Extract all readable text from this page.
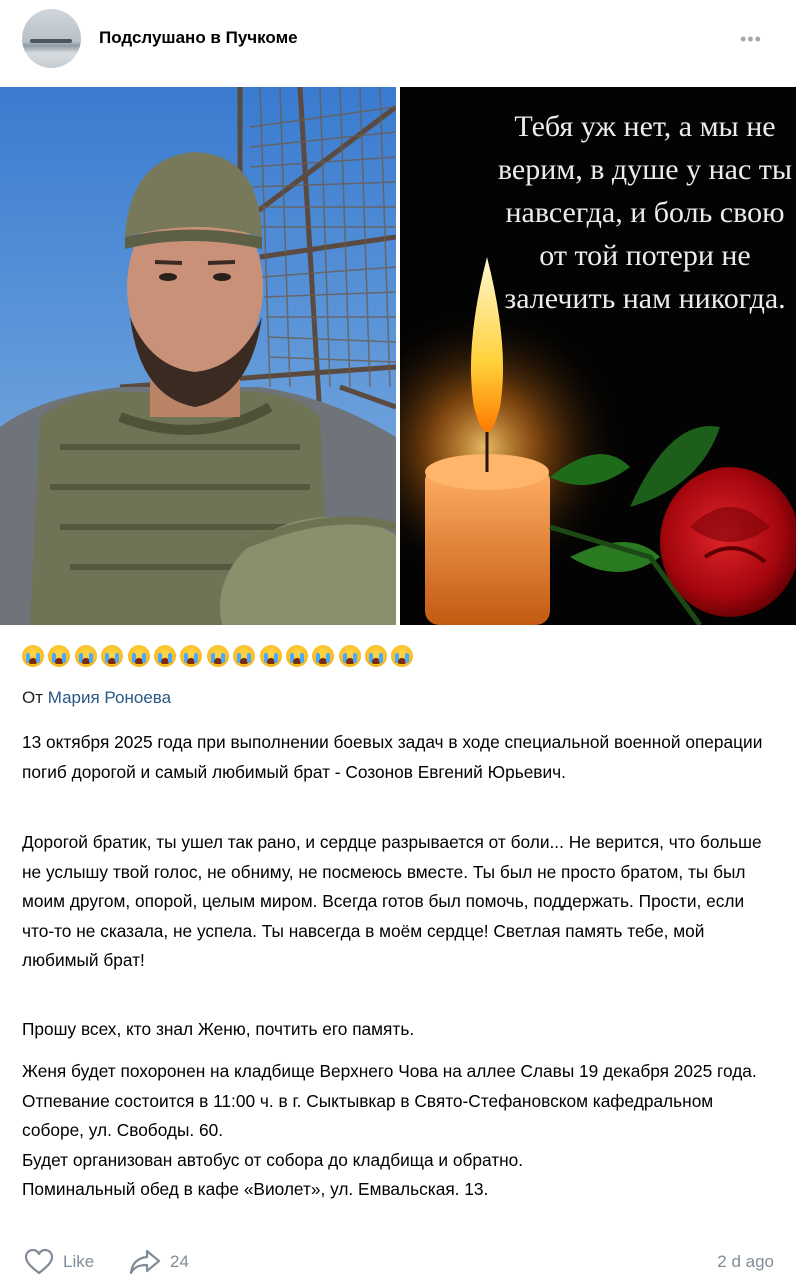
Подслушано в Пучкоме	•••

Тебя уж нет, а мы не верим, в душе у нас ты навсегда, и боль свою от той потери не залечить нам никогда.

От Мария Роноева

13 октября 2025 года при выполнении боевых задач в ходе специальной военной операции погиб дорогой и самый любимый брат - Созонов Евгений Юрьевич.

Дорогой братик, ты ушел так рано, и сердце разрывается от боли... Не верится, что больше не услышу твой голос, не обниму, не посмеюсь вместе. Ты был не просто братом, ты был моим другом, опорой, целым миром. Всегда готов был помочь, поддержать. Прости, если что-то не сказала, не успела. Ты навсегда в моём сердце! Светлая память тебе, мой любимый брат!

Прошу всех, кто знал Женю, почтить его память.

Женя будет похоронен на кладбище Верхнего Чова на аллее Славы 19 декабря 2025 года.
Отпевание состоится в 11:00 ч. в г. Сыктывкар в Свято-Стефановском кафедральном соборе, ул. Свободы. 60.
Будет организован автобус от собора до кладбища и обратно.
Поминальный обед в кафе «Виолет», ул. Емвальская. 13.
Like	24	2 d ago
